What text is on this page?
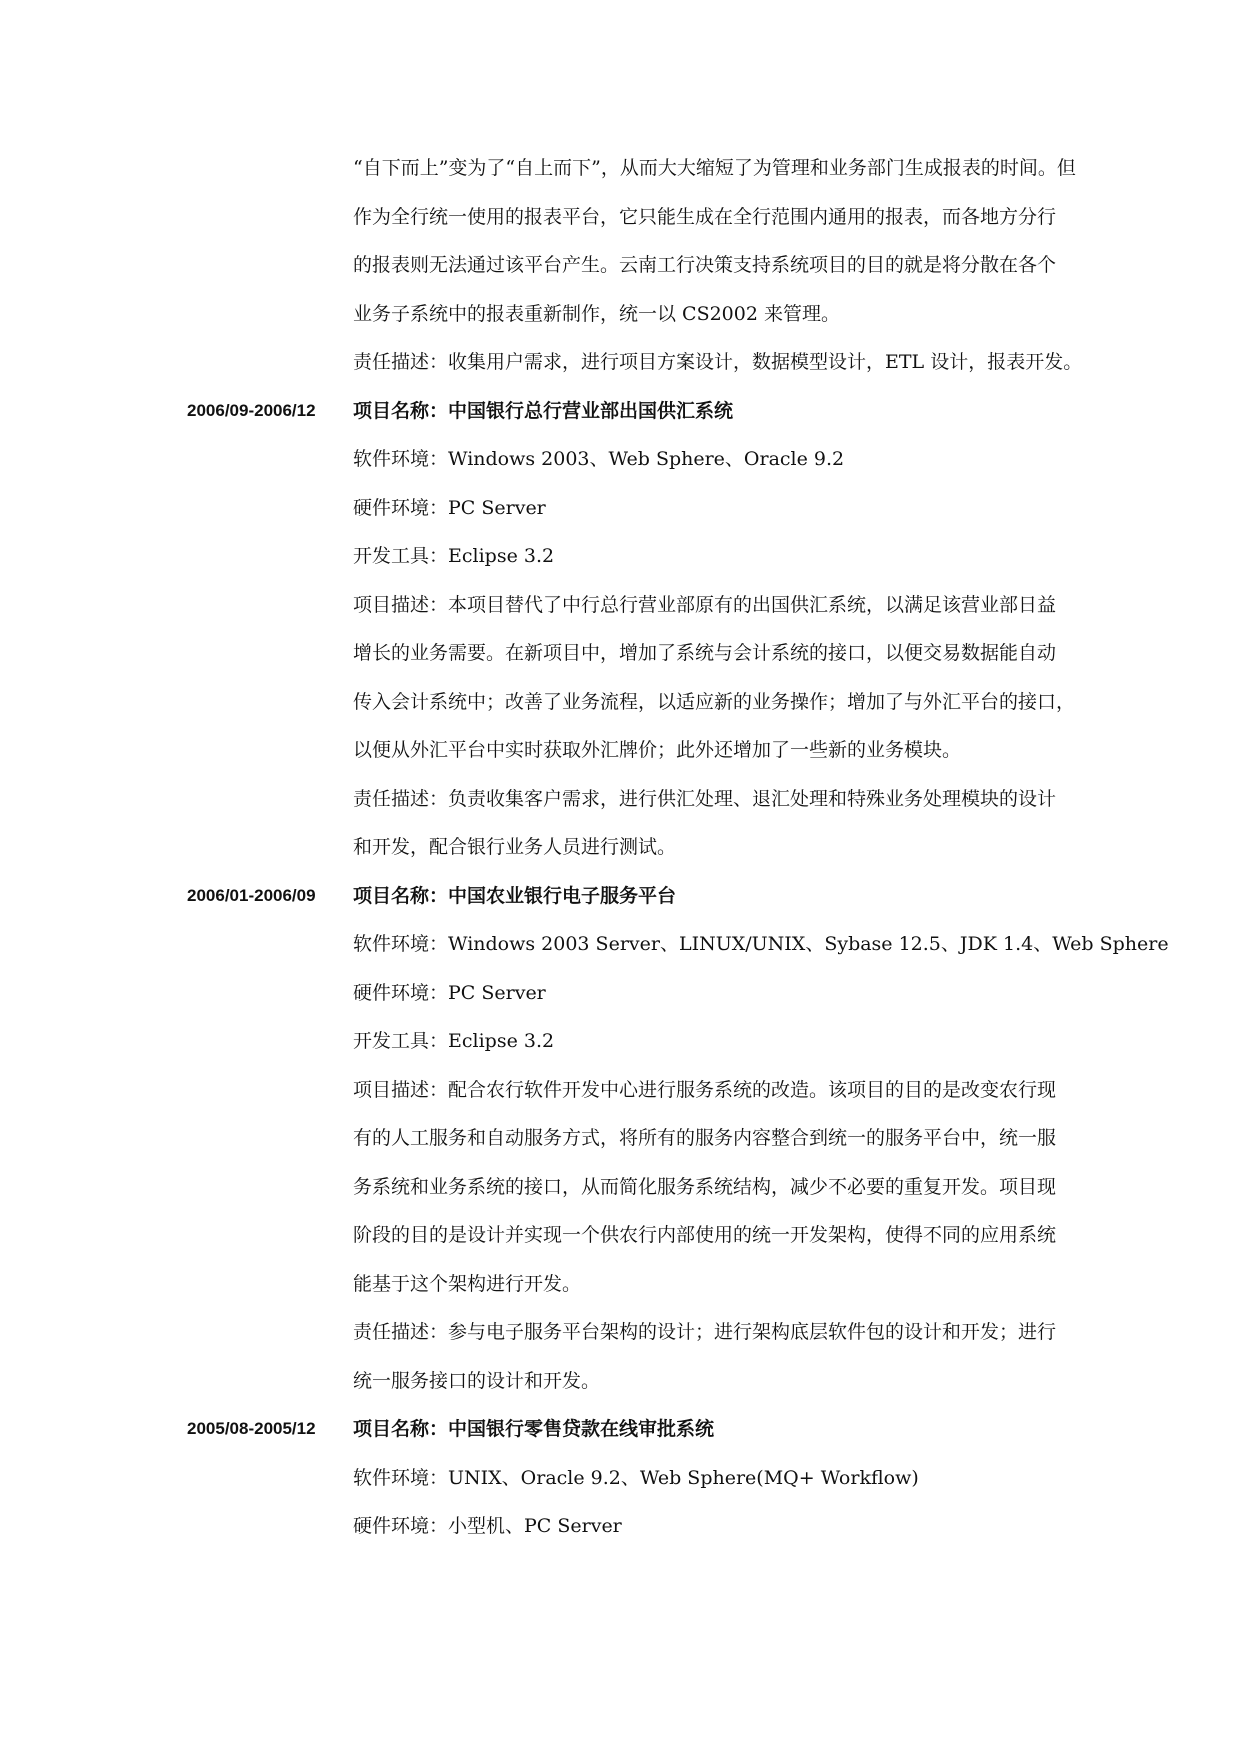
“自下而上”变为了“自上而下”，从而大大缩短了为管理和业务部门生成报表的时间。但
作为全行统一使用的报表平台，它只能生成在全行范围内通用的报表，而各地方分行
的报表则无法通过该平台产生。云南工行决策支持系统项目的目的就是将分散在各个
业务子系统中的报表重新制作，统一以 CS2002 来管理。
责任描述：收集用户需求，进行项目方案设计，数据模型设计，ETL 设计，报表开发。
2006/09-2006/12 项目名称：中国银行总行营业部出国供汇系统
软件环境：Windows 2003、Web Sphere、Oracle 9.2
硬件环境：PC Server
开发工具：Eclipse 3.2
项目描述：本项目替代了中行总行营业部原有的出国供汇系统，以满足该营业部日益
增长的业务需要。在新项目中，增加了系统与会计系统的接口，以便交易数据能自动
传入会计系统中；改善了业务流程，以适应新的业务操作；增加了与外汇平台的接口，
以便从外汇平台中实时获取外汇牌价；此外还增加了一些新的业务模块。
责任描述：负责收集客户需求，进行供汇处理、退汇处理和特殊业务处理模块的设计
和开发，配合银行业务人员进行测试。
2006/01-2006/09 项目名称：中国农业银行电子服务平台
软件环境：Windows 2003 Server、LINUX/UNIX、Sybase 12.5、JDK 1.4、Web Sphere
硬件环境：PC Server
开发工具：Eclipse 3.2
项目描述：配合农行软件开发中心进行服务系统的改造。该项目的目的是改变农行现
有的人工服务和自动服务方式，将所有的服务内容整合到统一的服务平台中，统一服
务系统和业务系统的接口，从而简化服务系统结构，减少不必要的重复开发。项目现
阶段的目的是设计并实现一个供农行内部使用的统一开发架构，使得不同的应用系统
能基于这个架构进行开发。
责任描述：参与电子服务平台架构的设计；进行架构底层软件包的设计和开发；进行
统一服务接口的设计和开发。
2005/08-2005/12 项目名称：中国银行零售贷款在线审批系统
软件环境：UNIX、Oracle 9.2、Web Sphere(MQ+ Workflow)
硬件环境：小型机、PC Server
